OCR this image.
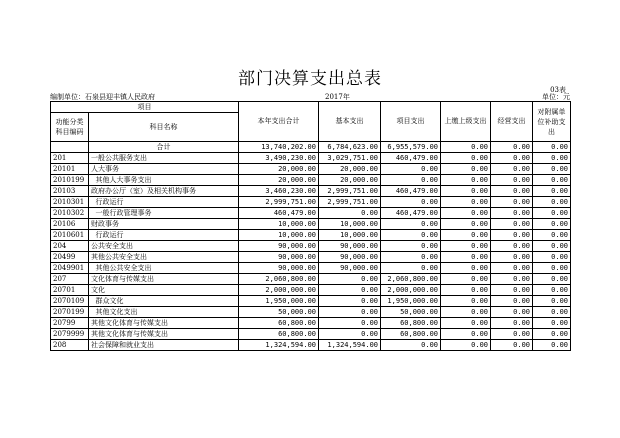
部门决算支出总表
03表
编制单位：石泉县迎丰镇人民政府	2017年	单位：元
项目		本年支出合计	基本支出	项目支出	上缴上级支出	经营支出	对附属单位补助支出
功能分类科目编码	科目名称						
	合计	13,740,202.00	6,784,623.00	6,955,579.00	0.00	0.00	0.00
201	一般公共服务支出	3,490,230.00	3,029,751.00	460,479.00	0.00	0.00	0.00
20101	人大事务	20,000.00	20,000.00	0.00	0.00	0.00	0.00
2010199	其他人大事务支出	20,000.00	20,000.00	0.00	0.00	0.00	0.00
20103	政府办公厅（室）及相关机构事务	3,460,230.00	2,999,751.00	460,479.00	0.00	0.00	0.00
2010301	行政运行	2,999,751.00	2,999,751.00	0.00	0.00	0.00	0.00
2010302	一般行政管理事务	460,479.00	0.00	460,479.00	0.00	0.00	0.00
20106	财政事务	10,000.00	10,000.00	0.00	0.00	0.00	0.00
2010601	行政运行	10,000.00	10,000.00	0.00	0.00	0.00	0.00
204	公共安全支出	90,000.00	90,000.00	0.00	0.00	0.00	0.00
20499	其他公共安全支出	90,000.00	90,000.00	0.00	0.00	0.00	0.00
2049901	其他公共安全支出	90,000.00	90,000.00	0.00	0.00	0.00	0.00
207	文化体育与传媒支出	2,060,800.00	0.00	2,060,800.00	0.00	0.00	0.00
20701	文化	2,000,000.00	0.00	2,000,000.00	0.00	0.00	0.00
2070109	群众文化	1,950,000.00	0.00	1,950,000.00	0.00	0.00	0.00
2070199	其他文化支出	50,000.00	0.00	50,000.00	0.00	0.00	0.00
20799	其他文化体育与传媒支出	60,800.00	0.00	60,800.00	0.00	0.00	0.00
2079999	其他文化体育与传媒支出	60,800.00	0.00	60,800.00	0.00	0.00	0.00
208	社会保障和就业支出	1,324,594.00	1,324,594.00	0.00	0.00	0.00	0.00
